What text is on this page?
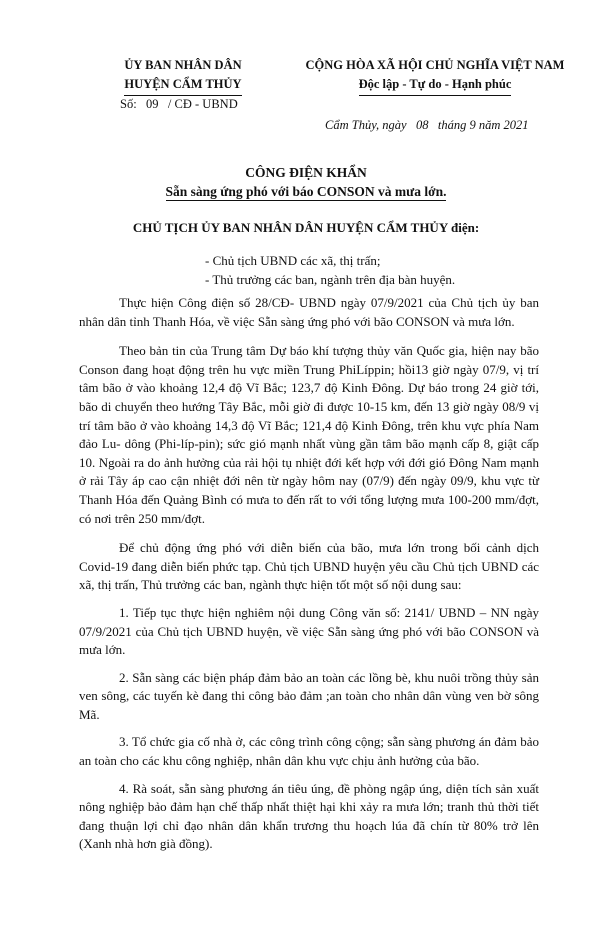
ỦY BAN NHÂN DÂN
HUYỆN CẨM THỦY
Số:   09   / CĐ - UBND
CỘNG HÒA XÃ HỘI CHỦ NGHĨA VIỆT NAM
Độc lập - Tự do - Hạnh phúc
Cẩm Thủy, ngày   08   tháng 9 năm 2021
CÔNG ĐIỆN KHẨN
Sẵn sàng ứng phó với báo CONSON và mưa lớn.
CHỦ TỊCH ỦY BAN NHÂN DÂN HUYỆN CẨM THỦY điện:
- Chủ tịch UBND các xã, thị trấn;
- Thủ trưởng các ban, ngành trên địa bàn huyện.

Thực hiện Công điện số 28/CĐ- UBND ngày 07/9/2021 của Chủ tịch ủy ban nhân dân tỉnh Thanh Hóa, về việc Sẵn sàng ứng phó với bão CONSON và mưa lớn.

Theo bản tin của Trung tâm Dự báo khí tượng thủy văn Quốc gia, hiện nay bão Conson đang hoạt động trên hu vực miền Trung PhiLíppin; hồi13 giờ ngày 07/9, vị trí tâm bão ở vào khoảng 12,4 độ Vĩ Bắc; 123,7 độ Kinh Đông. Dự báo trong 24 giờ tới, bão di chuyển theo hướng Tây Bắc, mỗi giờ đi được 10-15 km, đến 13 giờ ngày 08/9 vị trí tâm bão ở vào khoảng 14,3 độ Vĩ Bắc; 121,4 độ Kinh Đông, trên khu vực phía Nam đảo Lu- dông (Phi-líp-pin); sức gió mạnh nhất vùng gần tâm bão mạnh cấp 8, giật cấp 10. Ngoài ra do ảnh hưởng của rải hội tụ nhiệt đới kết hợp với đới gió Đông Nam mạnh ở rải Tây áp cao cận nhiệt đới nên từ ngày hôm nay (07/9) đến ngày 09/9, khu vực từ Thanh Hóa đến Quảng Bình có mưa to đến rất to với tổng lượng mưa 100-200 mm/đợt, có nơi trên 250 mm/đợt.

Để chủ động ứng phó với diễn biến của bão, mưa lớn trong bối cảnh dịch Covid-19 đang diễn biến phức tạp. Chủ tịch UBND huyện yêu cầu Chủ tịch UBND các xã, thị trấn, Thủ trưởng các ban, ngành thực hiện tốt một số nội dung sau:

1. Tiếp tục thực hiện nghiêm nội dung Công văn số: 2141/ UBND – NN ngày 07/9/2021 của Chủ tịch UBND huyện, về việc Sẵn sàng ứng phó với bão CONSON và mưa lớn.

2. Sẵn sàng các biện pháp đảm bảo an toàn các lồng bè, khu nuôi trồng thủy sản ven sông, các tuyến kè đang thi công bảo đảm ;an toàn cho nhân dân vùng ven bờ sông Mã.

3. Tổ chức gia cố nhà ở, các công trình công cộng; sẵn sàng phương án đảm bảo an toàn cho các khu công nghiệp, nhân dân khu vực chịu ảnh hưởng của bão.

4. Rà soát, sẵn sàng phương án tiêu úng, đề phòng ngập úng, diện tích sản xuất nông nghiệp bảo đảm hạn chế thấp nhất thiệt hại khi xảy ra mưa lớn; tranh thủ thời tiết đang thuận lợi chỉ đạo nhân dân khẩn trương thu hoạch lúa đã chín từ 80% trở lên (Xanh nhà hơn già đồng).
